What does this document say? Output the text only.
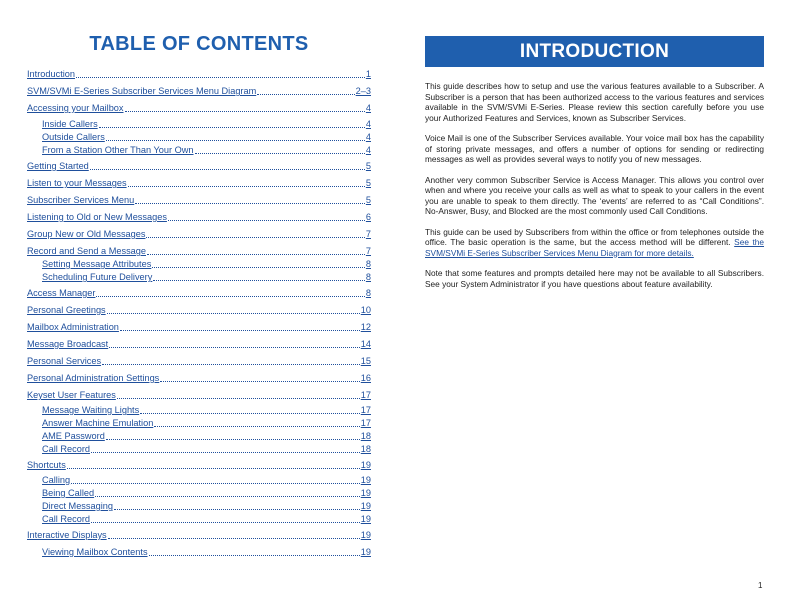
TABLE OF CONTENTS
Introduction	1
SVM/SVMi E-Series Subscriber Services Menu Diagram	2–3
Accessing your Mailbox	4
Inside Callers	4
Outside Callers	4
From a Station Other Than Your Own	4
Getting Started	5
Listen to your Messages	5
Subscriber Services Menu	5
Listening to Old or New Messages	6
Group New or Old Messages	7
Record and Send a Message	7
Setting Message Attributes	8
Scheduling Future Delivery	8
Access Manager	8
Personal Greetings	10
Mailbox Administration	12
Message Broadcast	14
Personal Services	15
Personal Administration Settings	16
Keyset User Features	17
Message Waiting Lights	17
Answer Machine Emulation	17
AME Password	18
Call Record	18
Shortcuts	19
Calling	19
Being Called	19
Direct Messaging	19
Call Record	19
Interactive Displays	19
Viewing Mailbox Contents	19
INTRODUCTION

This guide describes how to setup and use the various features available to a Subscriber. A Subscriber is a person that has been authorized access to the various features and services available in the SVM/SVMi E-Series. Please review this section carefully before you use your Authorized Features and Services, known as Subscriber Services.

Voice Mail is one of the Subscriber Services available. Your voice mail box has the capability of storing private messages, and offers a number of options for sending or redirecting messages as well as provides several ways to notify you of new messages.

Another very common Subscriber Service is Access Manager. This allows you control over when and where you receive your calls as well as what to speak to your callers in the event you are unable to speak to them directly. The ‘events’ are referred to as “Call Conditions”. No-Answer, Busy, and Blocked are the most commonly used Call Conditions.

This guide can be used by Subscribers from within the office or from telephones outside the office. The basic operation is the same, but the access method will be different. See the SVM/SVMi E-Series Subscriber Services Menu Diagram for more details.

Note that some features and prompts detailed here may not be available to all Subscribers. See your System Administrator if you have questions about feature availability.

1
